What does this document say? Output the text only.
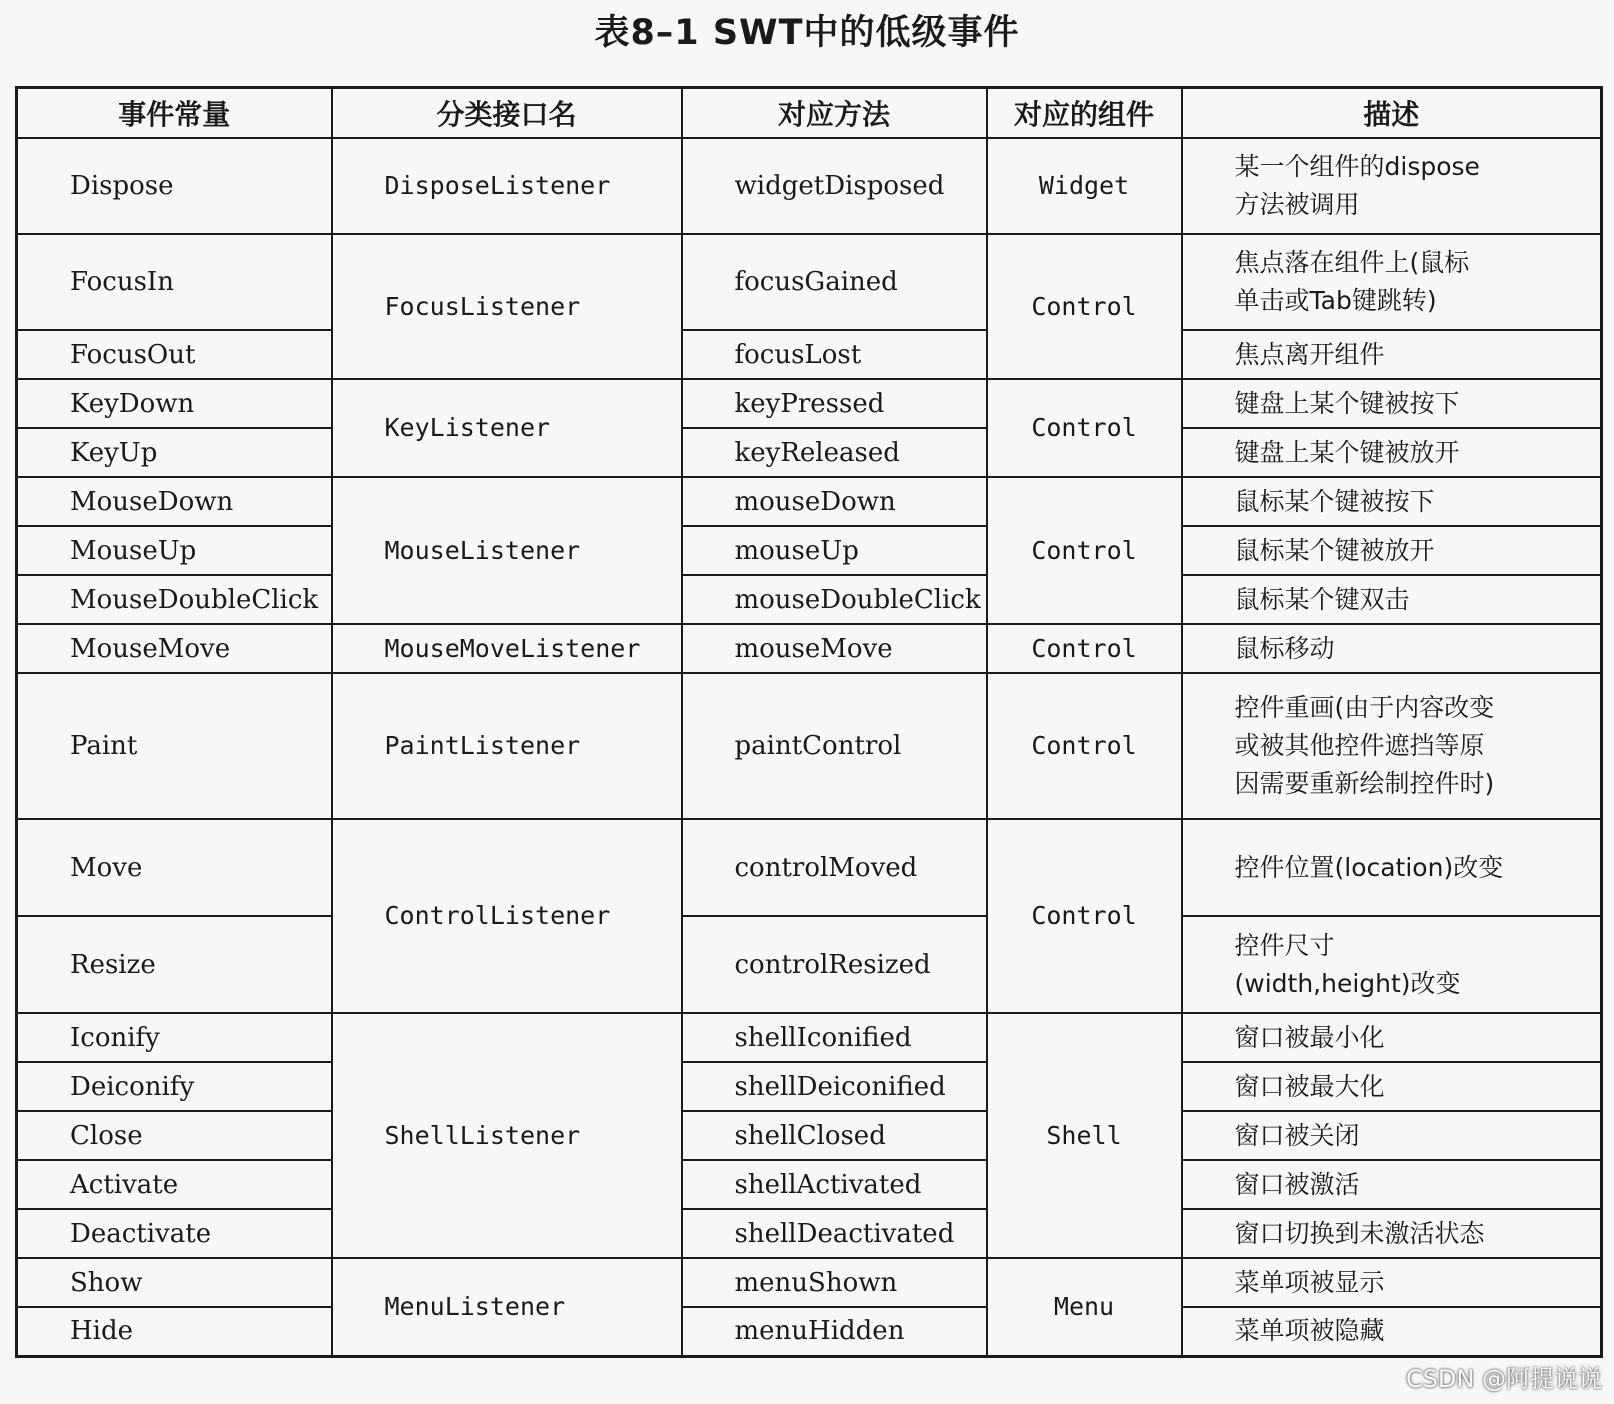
表8–1 SWT中的低级事件
事件常量	分类接口名	对应方法	对应的组件	描述
Dispose	DisposeListener	widgetDisposed	Widget	某一个组件的dispose
方法被调用

FocusIn	FocusListener	focusGained	Control	焦点落在组件上(鼠标
单击或Tab键跳转)

FocusOut		focusLost		焦点离开组件

KeyDown	KeyListener	keyPressed	Control	键盘上某个键被按下

KeyUp		keyReleased		键盘上某个键被放开

MouseDown	MouseListener	mouseDown	Control	鼠标某个键被按下

MouseUp		mouseUp		鼠标某个键被放开

MouseDoubleClick		mouseDoubleClick		鼠标某个键双击

MouseMove	MouseMoveListener	mouseMove	Control	鼠标移动

Paint	PaintListener	paintControl	Control	控件重画(由于内容改变
或被其他控件遮挡等原
因需要重新绘制控件时)

Move	ControlListener	controlMoved	Control	控件位置(location)改变

Resize		controlResized		控件尺寸
(width,height)改变

Iconify	ShellListener	shellIconified	Shell	窗口被最小化

Deiconify		shellDeiconified		窗口被最大化

Close		shellClosed		窗口被关闭

Activate		shellActivated		窗口被激活

Deactivate		shellDeactivated		窗口切换到未激活状态

Show	MenuListener	menuShown	Menu	菜单项被显示

Hide		menuHidden		菜单项被隐藏
CSDN @阿提说说
